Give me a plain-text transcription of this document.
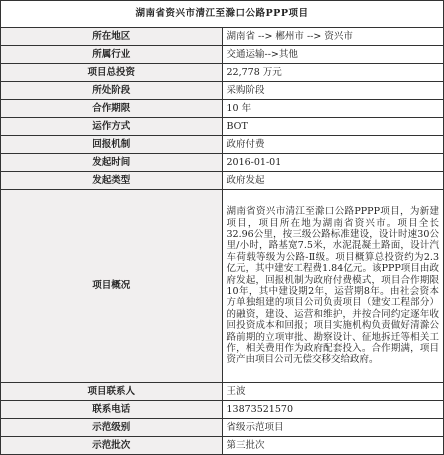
湖南省资兴市清江至滁口公路PPP项目	
所在地区	湖南省 --> 郴州市 --> 资兴市
所属行业	交通运输-->其他
项目总投资	22,778 万元
所处阶段	采购阶段
合作期限	10 年
运作方式	BOT
回报机制	政府付费
发起时间	2016-01-01
发起类型	政府发起
项目概况	湖南省资兴市清江至滁口公路PPPP项目，为新建项目，项目所在地为湖南省资兴市。项目全长32.96公里，按三级公路标准建设，设计时速30公里/小时，路基宽7.5米，水泥混凝土路面，设计汽车荷载等级为公路-Ⅱ级。项目概算总投资约为2.3亿元，其中建安工程费1.84亿元。该PPP项目由政府发起，回报机制为政府付费模式，项目合作期限10年，其中建设期2年，运营期8年。由社会资本方单独组建的项目公司负责项目（建安工程部分）的融资，建设、运营和维护，并按合同约定逐年收回投资成本和回报；项目实施机构负责做好清滁公路前期的立项审批、勘察设计、征地拆迁等相关工作，相关费用作为政府配套投入。合作期满，项目资产由项目公司无偿交移交给政府。
项目联系人	王波
联系电话	13873521570
示范级别	省级示范项目
示范批次	第三批次
